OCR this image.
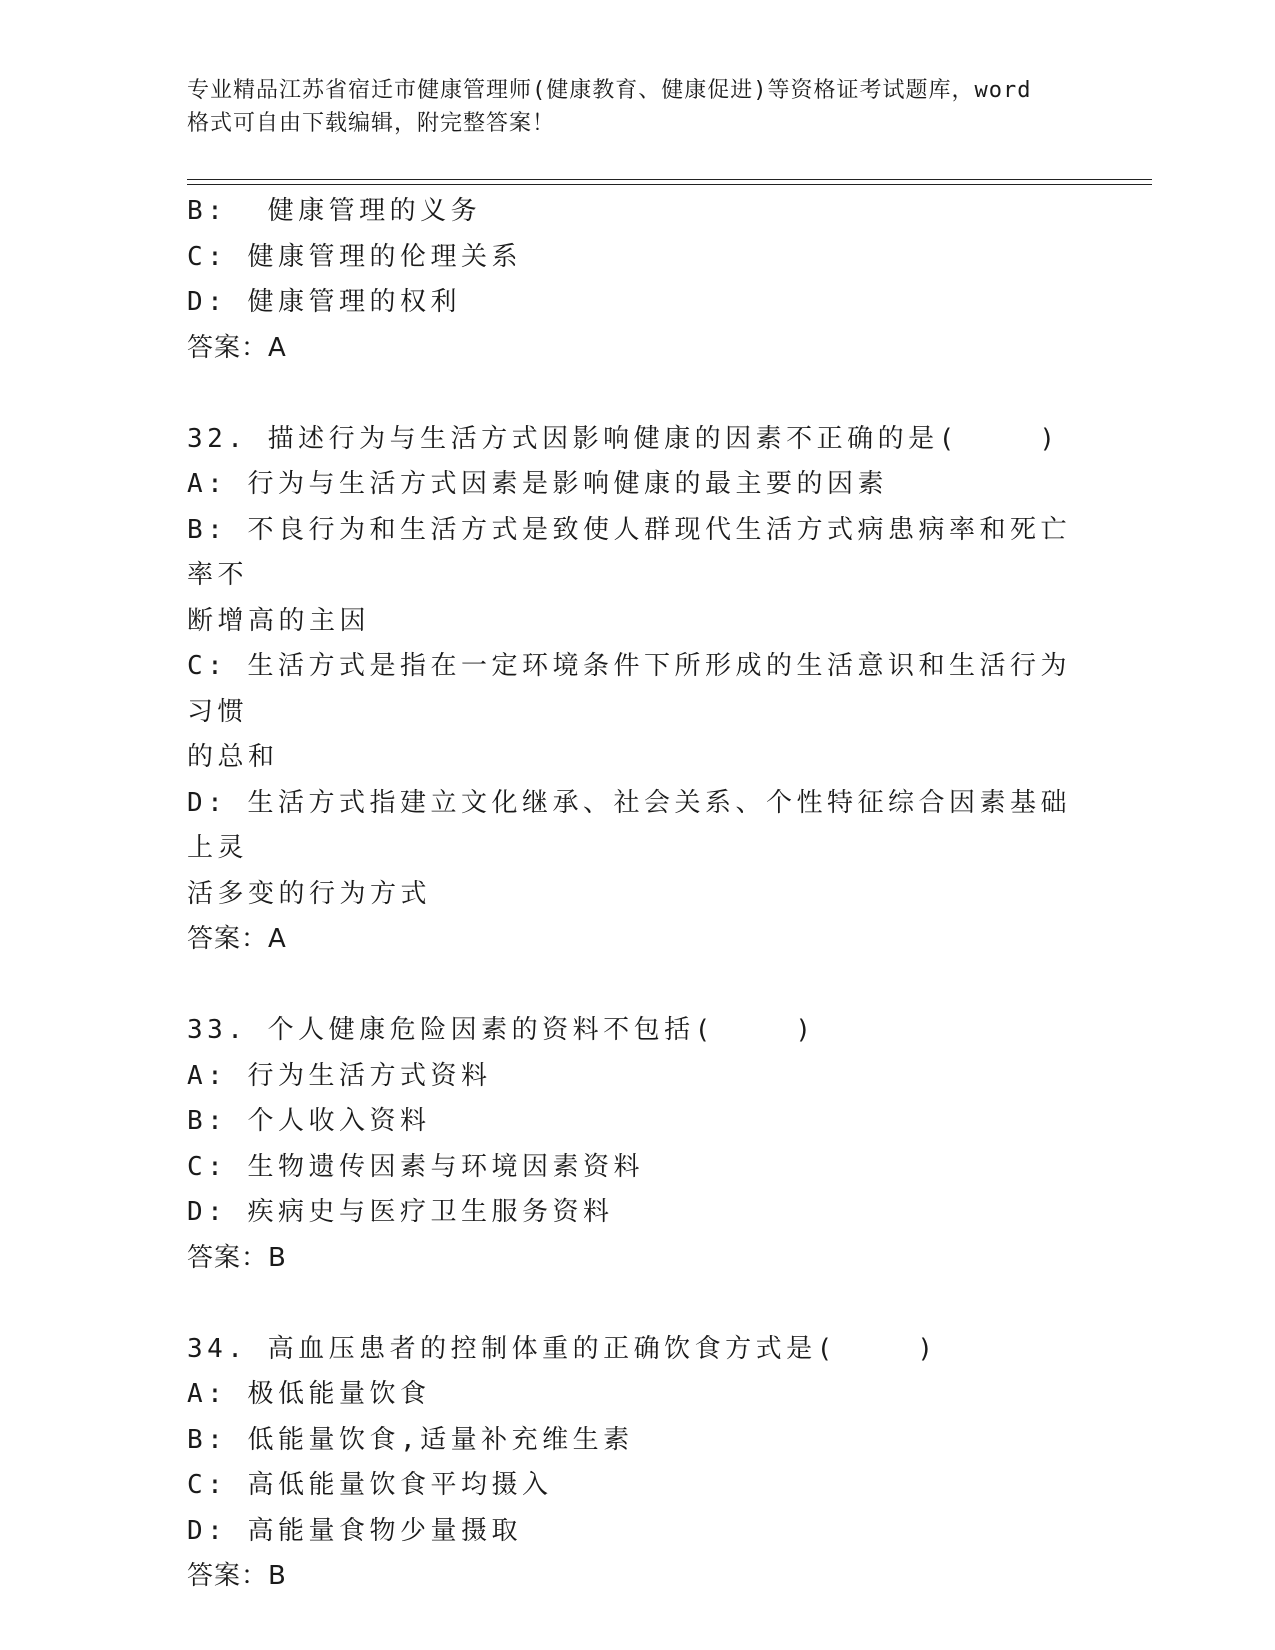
专业精品江苏省宿迁市健康管理师(健康教育、健康促进)等资格证考试题库，word
格式可自由下载编辑，附完整答案！
B:  健康管理的义务
C: 健康管理的伦理关系
D: 健康管理的权利
答案：A
32. 描述行为与生活方式因影响健康的因素不正确的是(    )
A: 行为与生活方式因素是影响健康的最主要的因素
B: 不良行为和生活方式是致使人群现代生活方式病患病率和死亡率不
断增高的主因
C: 生活方式是指在一定环境条件下所形成的生活意识和生活行为习惯
的总和
D: 生活方式指建立文化继承、社会关系、个性特征综合因素基础上灵
活多变的行为方式
答案：A
33. 个人健康危险因素的资料不包括(    )
A: 行为生活方式资料
B: 个人收入资料
C: 生物遗传因素与环境因素资料
D: 疾病史与医疗卫生服务资料
答案：B
34. 高血压患者的控制体重的正确饮食方式是(    )
A: 极低能量饮食
B: 低能量饮食,适量补充维生素
C: 高低能量饮食平均摄入
D: 高能量食物少量摄取
答案：B
